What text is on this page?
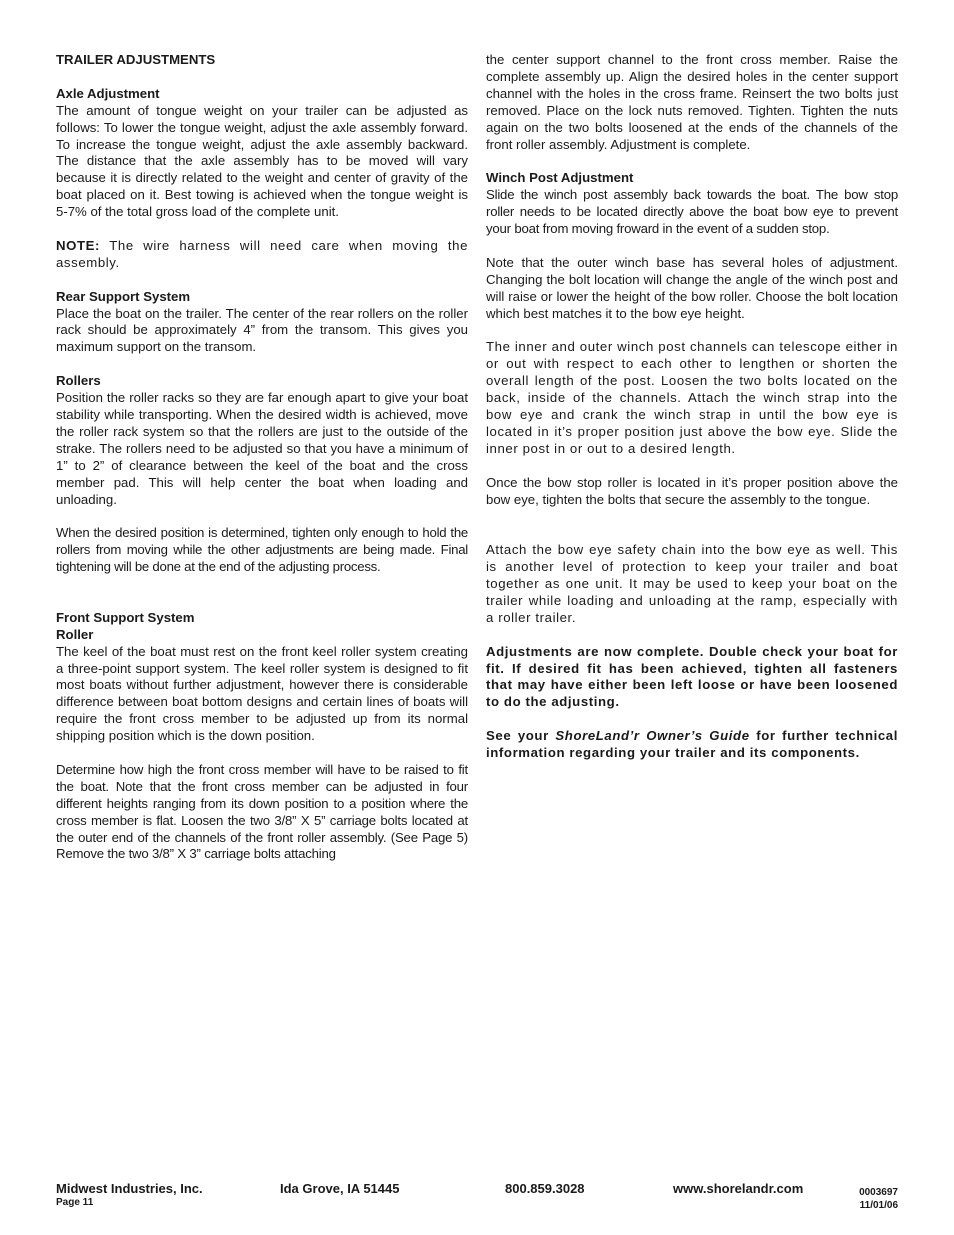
TRAILER ADJUSTMENTS

Axle Adjustment

The amount of tongue weight on your trailer can be adjusted as follows: To lower the tongue weight, adjust the axle assembly forward. To increase the tongue weight, adjust the axle assembly backward. The distance that the axle assembly has to be moved will vary because it is directly related to the weight and center of gravity of the boat placed on it. Best towing is achieved when the tongue weight is 5-7% of the total gross load of the complete unit.

NOTE: The wire harness will need care when moving the assembly.

Rear Support System

Place the boat on the trailer. The center of the rear rollers on the roller rack should be approximately 4” from the transom. This gives you maximum support on the transom.

Rollers

Position the roller racks so they are far enough apart to give your boat stability while transporting. When the desired width is achieved, move the roller rack system so that the rollers are just to the outside of the strake. The rollers need to be adjusted so that you have a minimum of 1” to 2” of clearance between the keel of the boat and the cross member pad. This will help center the boat when loading and unloading.

When the desired position is determined, tighten only enough to hold the rollers from moving while the other adjustments are being made. Final tightening will be done at the end of the adjusting process.

Front Support System

Roller

The keel of the boat must rest on the front keel roller system creating a three-point support system. The keel roller system is designed to fit most boats without further adjustment, however there is considerable difference between boat bottom designs and certain lines of boats will require the front cross member to be adjusted up from its normal shipping position which is the down position.

Determine how high the front cross member will have to be raised to fit the boat. Note that the front cross member can be adjusted in four different heights ranging from its down position to a position where the cross member is flat. Loosen the two 3/8” X 5” carriage bolts located at the outer end of the channels of the front roller assembly. (See Page 5) Remove the two 3/8” X 3” carriage bolts attaching

the center support channel to the front cross member. Raise the complete assembly up. Align the desired holes in the center support channel with the holes in the cross frame. Reinsert the two bolts just removed. Place on the lock nuts removed. Tighten. Tighten the nuts again on the two bolts loosened at the ends of the channels of the front roller assembly. Adjustment is complete.

Winch Post Adjustment

Slide the winch post assembly back towards the boat. The bow stop roller needs to be located directly above the boat bow eye to prevent your boat from moving froward in the event of a sudden stop.

Note that the outer winch base has several holes of adjustment. Changing the bolt location will change the angle of the winch post and will raise or lower the height of the bow roller. Choose the bolt location which best matches it to the bow eye height.

The inner and outer winch post channels can telescope either in or out with respect to each other to lengthen or shorten the overall length of the post. Loosen the two bolts located on the back, inside of the channels. Attach the winch strap into the bow eye and crank the winch strap in until the bow eye is located in it’s proper position just above the bow eye. Slide the inner post in or out to a desired length.

Once the bow stop roller is located in it’s proper position above the bow eye, tighten the bolts that secure the assembly to the tongue.

Attach the bow eye safety chain into the bow eye as well. This is another level of protection to keep your trailer and boat together as one unit. It may be used to keep your boat on the trailer while loading and unloading at the ramp, especially with a roller trailer.

Adjustments are now complete. Double check your boat for fit. If desired fit has been achieved, tighten all fasteners that may have either been left loose or have been loosened to do the adjusting.

See your ShoreLand’r Owner’s Guide for further technical information regarding your trailer and its components.

Midwest Industries, Inc.	Ida Grove, IA 51445	800.859.3028	www.shorelandr.com
Page 11
0003697
11/01/06
